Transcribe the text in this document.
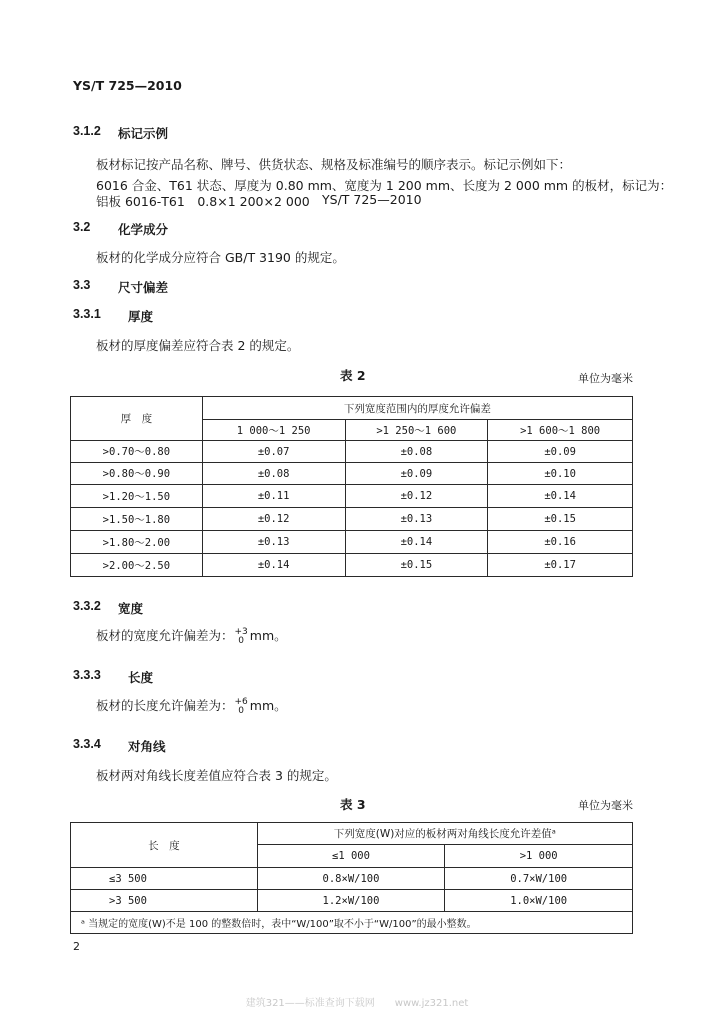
YS/T 725—2010
3.1.2 标记示例
板材标记按产品名称、牌号、供货状态、规格及标准编号的顺序表示。标记示例如下：
6016 合金、T61 状态、厚度为 0.80 mm、宽度为 1 200 mm、长度为 2 000 mm 的板材，标记为：
铝板 6016-T61　0.8×1 200×2 000 YS/T 725—2010
3.2 化学成分
板材的化学成分应符合 GB/T 3190 的规定。
3.3 尺寸偏差
3.3.1 厚度
板材的厚度偏差应符合表 2 的规定。
表 2	单位为毫米
厚　度	下列宽度范围内的厚度允许偏差		
	1 000～1 250	>1 250～1 600	>1 600～1 800
>0.70～0.80	±0.07	±0.08	±0.09
>0.80～0.90	±0.08	±0.09	±0.10
>1.20～1.50	±0.11	±0.12	±0.14
>1.50～1.80	±0.12	±0.13	±0.15
>1.80～2.00	±0.13	±0.14	±0.16
>2.00～2.50	±0.14	±0.15	±0.17
3.3.2 宽度
板材的宽度允许偏差为： +3
0 mm。
3.3.3 长度
板材的长度允许偏差为： +6
0 mm。
3.3.4 对角线
板材两对角线长度差值应符合表 3 的规定。
表 3	单位为毫米
长　度	下列宽度(W)对应的板材两对角线长度允许差值ᵃ	
	≤1 000	>1 000
≤3 500	0.8×W/100	0.7×W/100
>3 500	1.2×W/100	1.0×W/100
ᵃ 当规定的宽度(W)不是 100 的整数倍时，表中“W/100”取不小于“W/100”的最小整数。		
2
建筑321——标准查询下载网　　www.jz321.net
